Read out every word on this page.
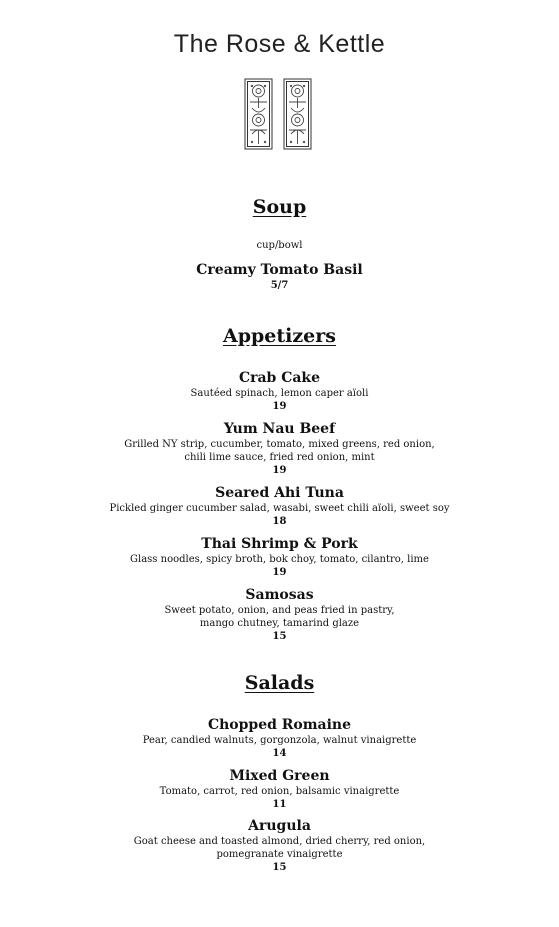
The Rose & Kettle
Soup
cup/bowl
Creamy Tomato Basil
5/7
Appetizers
Crab Cake
Sautéed spinach, lemon caper aïoli
19
Yum Nau Beef
Grilled NY strip, cucumber, tomato, mixed greens, red onion,
chili lime sauce, fried red onion, mint
19
Seared Ahi Tuna
Pickled ginger cucumber salad, wasabi, sweet chili aïoli, sweet soy
18
Thai Shrimp & Pork
Glass noodles, spicy broth, bok choy, tomato, cilantro, lime
19
Samosas
Sweet potato, onion, and peas fried in pastry,
mango chutney, tamarind glaze
15
Salads
Chopped Romaine
Pear, candied walnuts, gorgonzola, walnut vinaigrette
14
Mixed Green
Tomato, carrot, red onion, balsamic vinaigrette
11
Arugula
Goat cheese and toasted almond, dried cherry, red onion,
pomegranate vinaigrette
15
